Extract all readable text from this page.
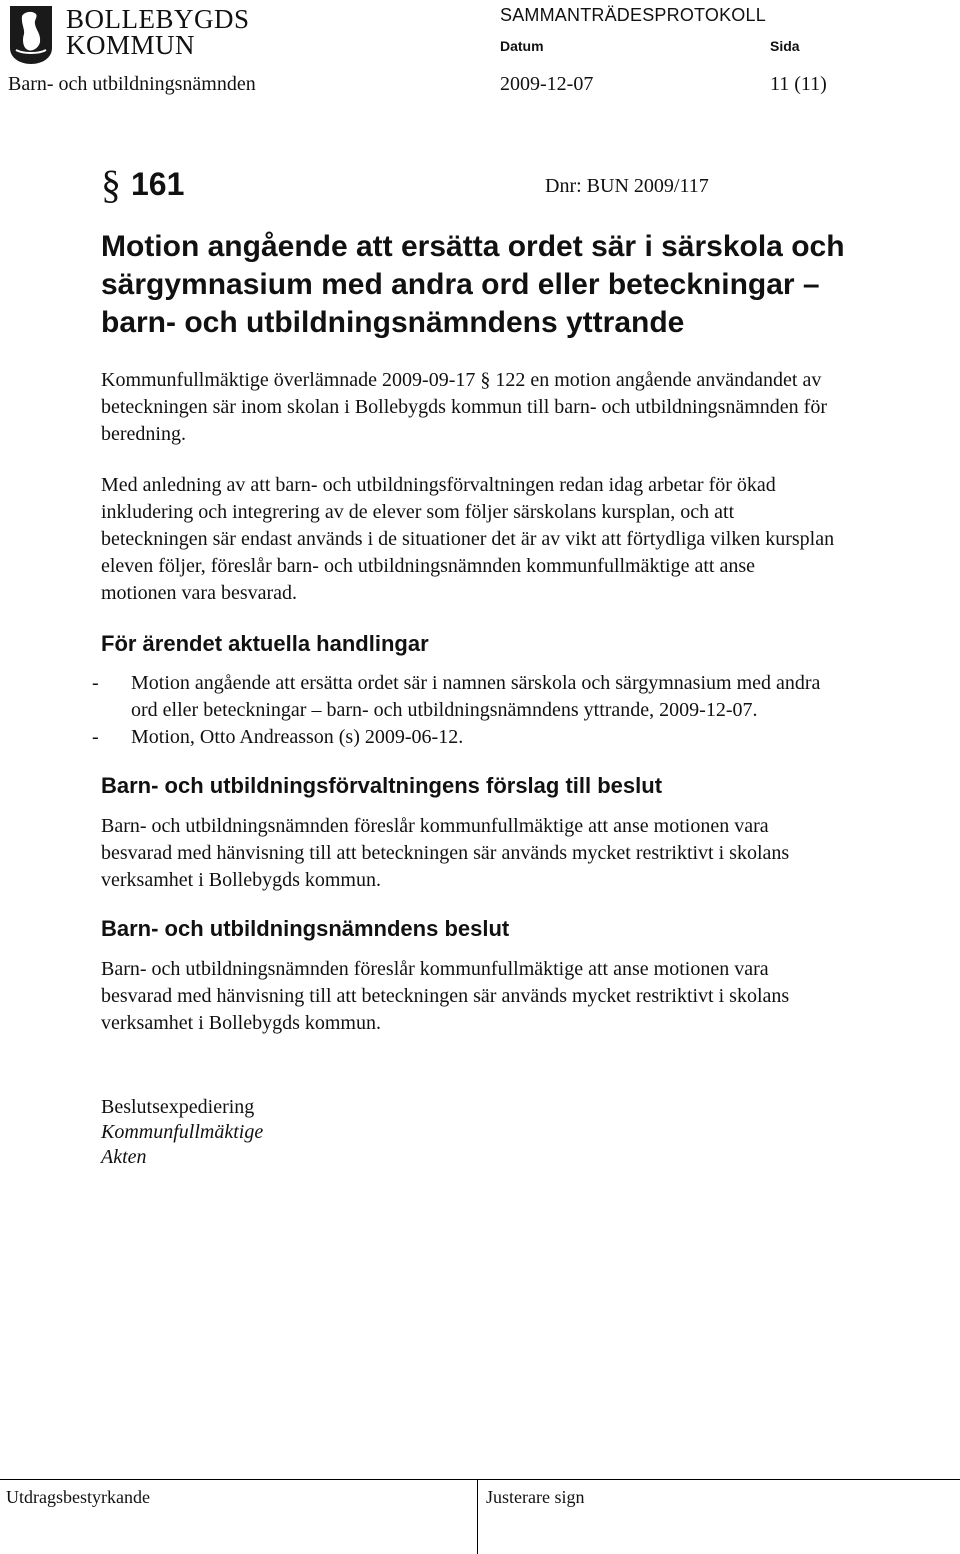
BOLLEBYGDS
KOMMUN
SAMMANTRÄDESPROTOKOLL
Datum	Sida
Barn- och utbildningsnämnden	2009-12-07	11 (11)
§ 161	Dnr: BUN 2009/117
Motion angående att ersätta ordet sär i särskola och
särgymnasium med andra ord eller beteckningar –
barn- och utbildningsnämndens yttrande
Kommunfullmäktige överlämnade 2009-09-17 § 122 en motion angående användandet av
beteckningen sär inom skolan i Bollebygds kommun till barn- och utbildningsnämnden för
beredning.
Med anledning av att barn- och utbildningsförvaltningen redan idag arbetar för ökad
inkludering och integrering av de elever som följer särskolans kursplan, och att
beteckningen sär endast används i de situationer det är av vikt att förtydliga vilken kursplan
eleven följer, föreslår barn- och utbildningsnämnden kommunfullmäktige att anse
motionen vara besvarad.
För ärendet aktuella handlingar
- Motion angående att ersätta ordet sär i namnen särskola och särgymnasium med andra
ord eller beteckningar – barn- och utbildningsnämndens yttrande, 2009-12-07.
- Motion, Otto Andreasson (s) 2009-06-12.
Barn- och utbildningsförvaltningens förslag till beslut
Barn- och utbildningsnämnden föreslår kommunfullmäktige att anse motionen vara
besvarad med hänvisning till att beteckningen sär används mycket restriktivt i skolans
verksamhet i Bollebygds kommun.
Barn- och utbildningsnämndens beslut
Barn- och utbildningsnämnden föreslår kommunfullmäktige att anse motionen vara
besvarad med hänvisning till att beteckningen sär används mycket restriktivt i skolans
verksamhet i Bollebygds kommun.
Beslutsexpediering
Kommunfullmäktige
Akten
Utdragsbestyrkande	Justerare sign
